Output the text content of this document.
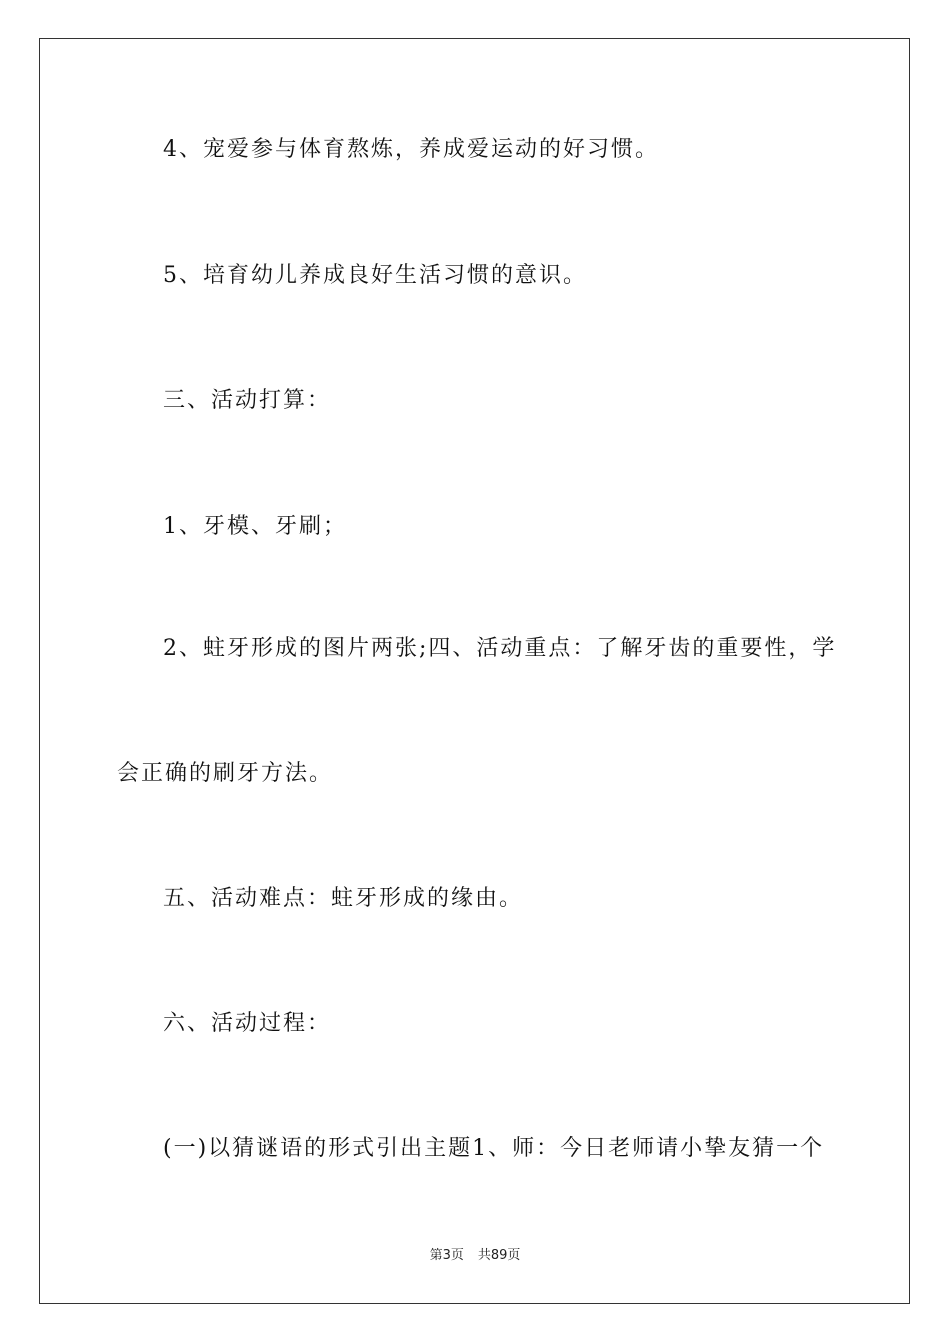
4、宠爱参与体育熬炼，养成爱运动的好习惯。
5、培育幼儿养成良好生活习惯的意识。
三、活动打算：
1、牙模、牙刷；
2、蛀牙形成的图片两张;四、活动重点：了解牙齿的重要性，学
会正确的刷牙方法。
五、活动难点：蛀牙形成的缘由。
六、活动过程：
(一)以猜谜语的形式引出主题1、师：今日老师请小挚友猜一个
第3页 共89页
